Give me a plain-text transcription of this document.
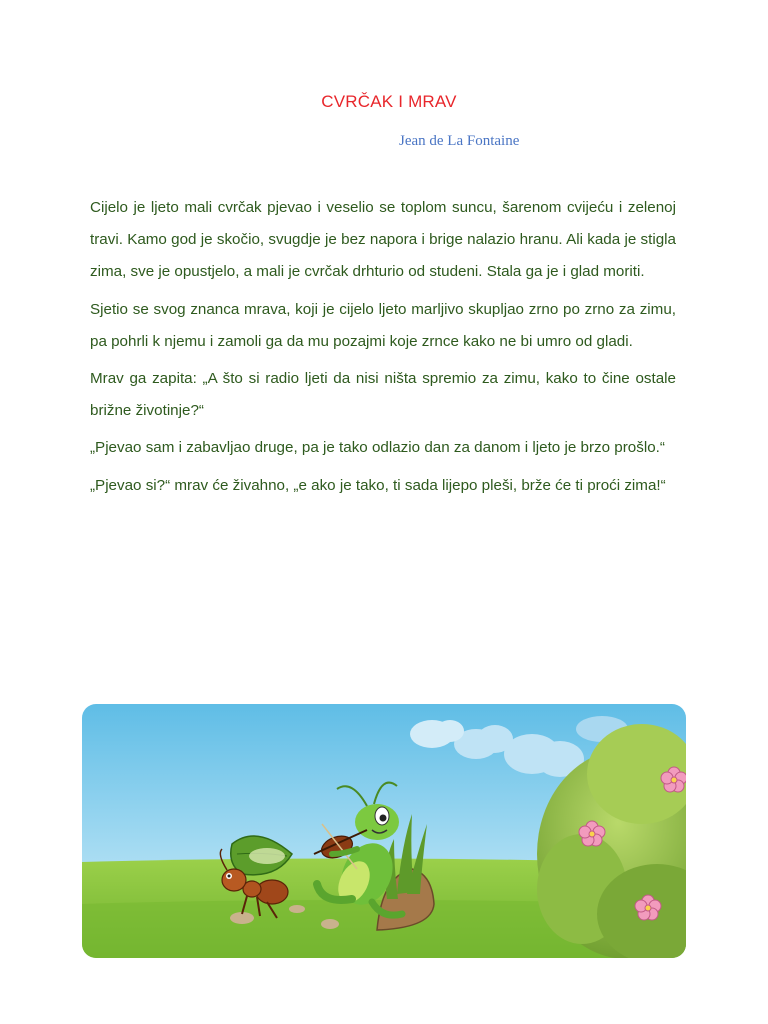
CVRČAK I MRAV
Jean de La Fontaine

Cijelo je ljeto mali cvrčak pjevao i veselio se toplom suncu, šarenom cvijeću i zelenoj travi. Kamo god je skočio, svugdje je bez napora i brige nalazio hranu. Ali kada je stigla zima, sve je opustjelo, a mali je cvrčak drhturio od studeni. Stala ga je i glad moriti.

Sjetio se svog znanca mrava, koji je cijelo ljeto marljivo skupljao zrno po zrno za zimu, pa pohrli k njemu i zamoli ga da mu pozajmi koje zrnce kako ne bi umro od gladi.

Mrav ga zapita: „A što si radio ljeti da nisi ništa spremio za zimu, kako to čine ostale brižne životinje?“

„Pjevao sam i zabavljao druge, pa je tako odlazio dan za danom i ljeto je brzo prošlo.“

„Pjevao si?“ mrav će živahno, „e ako je tako, ti sada lijepo pleši, brže će ti proći zima!“
